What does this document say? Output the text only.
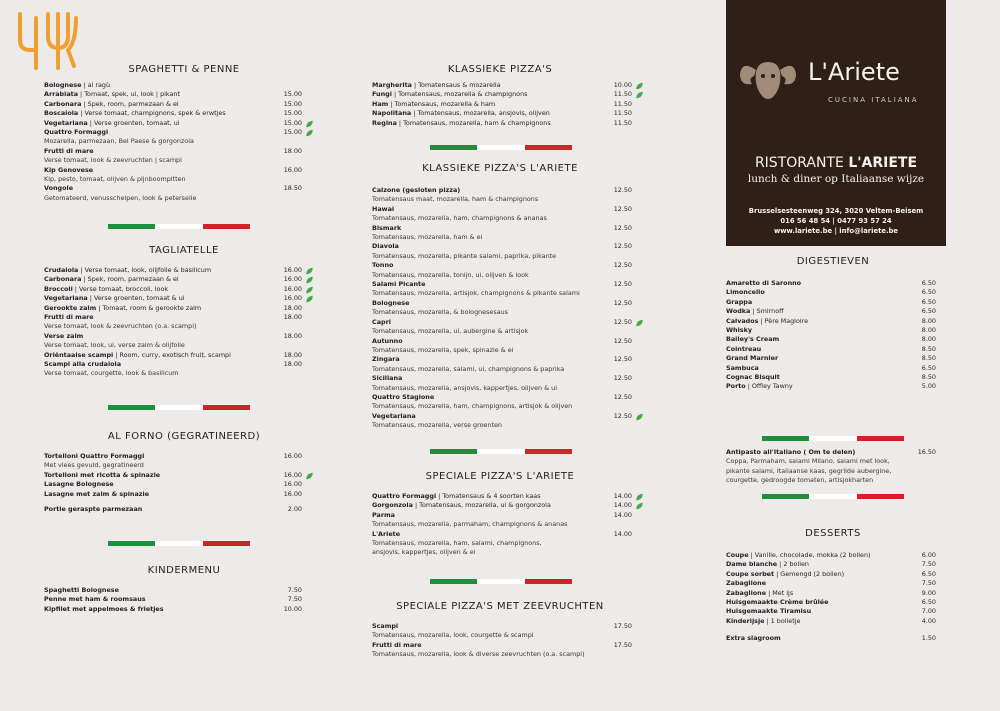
SPAGHETTI & PENNE
Bolognese | al ragù
Arrabiata | Tomaat, spek, ui, look | pikant	15.00
Carbonara | Spek, room, parmezaan & ei	15.00
Boscaiola | Verse tomaat, champignons, spek & erwtjes	15.00
Vegetariana | Verse groenten, tomaat, ui	15.00
Quattro Formaggi	15.00
Mozarella, parmezaan, Bel Paese & gorgonzola
Frutti di mare	18.00
Verse tomaat, look & zeevruchten | scampi
Kip Genovese	16.00
Kip, pesto, tomaat, olijven & pijnboompitten
Vongole	18.50
Getomateerd, venusschelpen, look & peterselie
TAGLIATELLE
Crudaiola | Verse tomaat, look, olijfolie & basilicum	16.00
Carbonara | Spek, room, parmezaan & ei	16.00
Broccoli | Verse tomaat, broccoli, look	16.00
Vegetariana | Verse groenten, tomaat & ui	16.00
Gerookte zalm | Tomaat, room & gerookte zalm	18.00
Frutti di mare	18.00
Verse tomaat, look & zeevruchten (o.a. scampi)
Verse zalm	18.00
Verse tomaat, look, ui, verse zalm & olijfolie
Oriëntaalse scampi | Room, curry, exotisch fruit, scampi	18.00
Scampi alla crudaiola	18.00
Verse tomaat, courgette, look & basilicum
AL FORNO (GEGRATINEERD)
Tortelloni Quattro Formaggi	16.00
Met vlees gevuld, gegratineerd
Tortelloni met ricotta & spinazie	16.00
Lasagne Bolognese	16.00
Lasagne met zalm & spinazie	16.00
Portie geraspte parmezaan	2.00
KINDERMENU
Spaghetti Bolognese	7.50
Penne met ham & roomsaus	7.50
Kipfilet met appelmoes & frietjes	10.00
KLASSIEKE PIZZA'S
Margherita | Tomatensaus & mozarella	10.00
Fungi | Tomatensaus, mozarella & champignons	11.50
Ham | Tomatensaus, mozarella & ham	11.50
Napolitana | Tomatensaus, mozarella, ansjovis, olijven	11.50
Regina | Tomatensaus, mozarella, ham & champignons	11.50
KLASSIEKE PIZZA'S L'ARIETE
Calzone (gesloten pizza)	12.50
Tomatensaus maat, mozarella, ham & champignons
Hawai	12.50
Tomatensaus, mozarella, ham, champignons & ananas
Bismark	12.50
Tomatensaus, mozarella, ham & ei
Diavola	12.50
Tomatensaus, mozarella, pikante salami, paprika, pikante
Tonno	12.50
Tomatensaus, mozarella, tonijn, ui, olijven & look
Salami Picante	12.50
Tomatensaus, mozarella, artisjok, champignons & pikante salami
Bolognese	12.50
Tomatensaus, mozarella, & bolognesesaus
Capri	12.50
Tomatensaus, mozarella, ui, aubergine & artisjok
Autunno	12.50
Tomatensaus, mozarella, spek, spinazie & ei
Zingara	12.50
Tomatensaus, mozarella, salami, ui, champignons & paprika
Siciliana	12.50
Tomatensaus, mozarella, ansjovis, kappertjes, olijven & ui
Quattro Stagione	12.50
Tomatensaus, mozarella, ham, champignons, artisjok & olijven
Vegetariana	12.50
Tomatensaus, mozarella, verse groenten
SPECIALE PIZZA'S L'ARIETE
Quattro Formaggi | Tomatensaus & 4 soorten kaas	14.00
Gorgonzola | Tomatensaus, mozarella, ui & gorgonzola	14.00
Parma	14.00
Tomatensaus, mozarella, parmaham, champignons & ananas
L'Ariete	14.00
Tomatensaus, mozarella, ham, salami, champignons,
ansjovis, kappertjes, olijven & ei
SPECIALE PIZZA'S MET ZEEVRUCHTEN
Scampi	17.50
Tomatensaus, mozarella, look, courgette & scampi
Frutti di mare	17.50
Tomatensaus, mozarella, look & diverse zeevruchten (o.a. scampi)
L'Ariete
CUCINA ITALIANA
RISTORANTE L'ARIETE
lunch & diner op Italiaanse wijze
Brusselsesteenweg 324, 3020 Veltem-Beisem
016 56 48 54 | 0477 93 57 24
www.lariete.be | info@lariete.be
DIGESTIEVEN
Amaretto di Saronno	6.50
Limoncello	6.50
Grappa	6.50
Wodka | Smirnoff	6.50
Calvados | Père Magloire	8.00
Whisky	8.00
Bailey's Cream	8.00
Cointreau	8.50
Grand Marnier	8.50
Sambuca	6.50
Cognac Bisquit	8.50
Porto | Offley Tawny	5.00
Antipasto all'Italiano ( Om te delen)	16.50
Coppa, Parmaham, salami Milano, salami met look,
pikante salami, Italiaanse kaas, gegrilde aubergine,
courgette, gedroogde tomaten, artisjokharten
DESSERTS
Coupe | Vanille, chocolade, mokka (2 bollen)	6.00
Dame blanche | 2 bollen	7.50
Coupe sorbet | Gemengd (2 bollen)	6.50
Zabaglione	7.50
Zabaglione | Met ijs	9.00
Huisgemaakte Crème brûlée	6.50
Huisgemaakte Tiramisu	7.00
Kinderijsje | 1 bolletje	4.00
Extra slagroom	1.50
